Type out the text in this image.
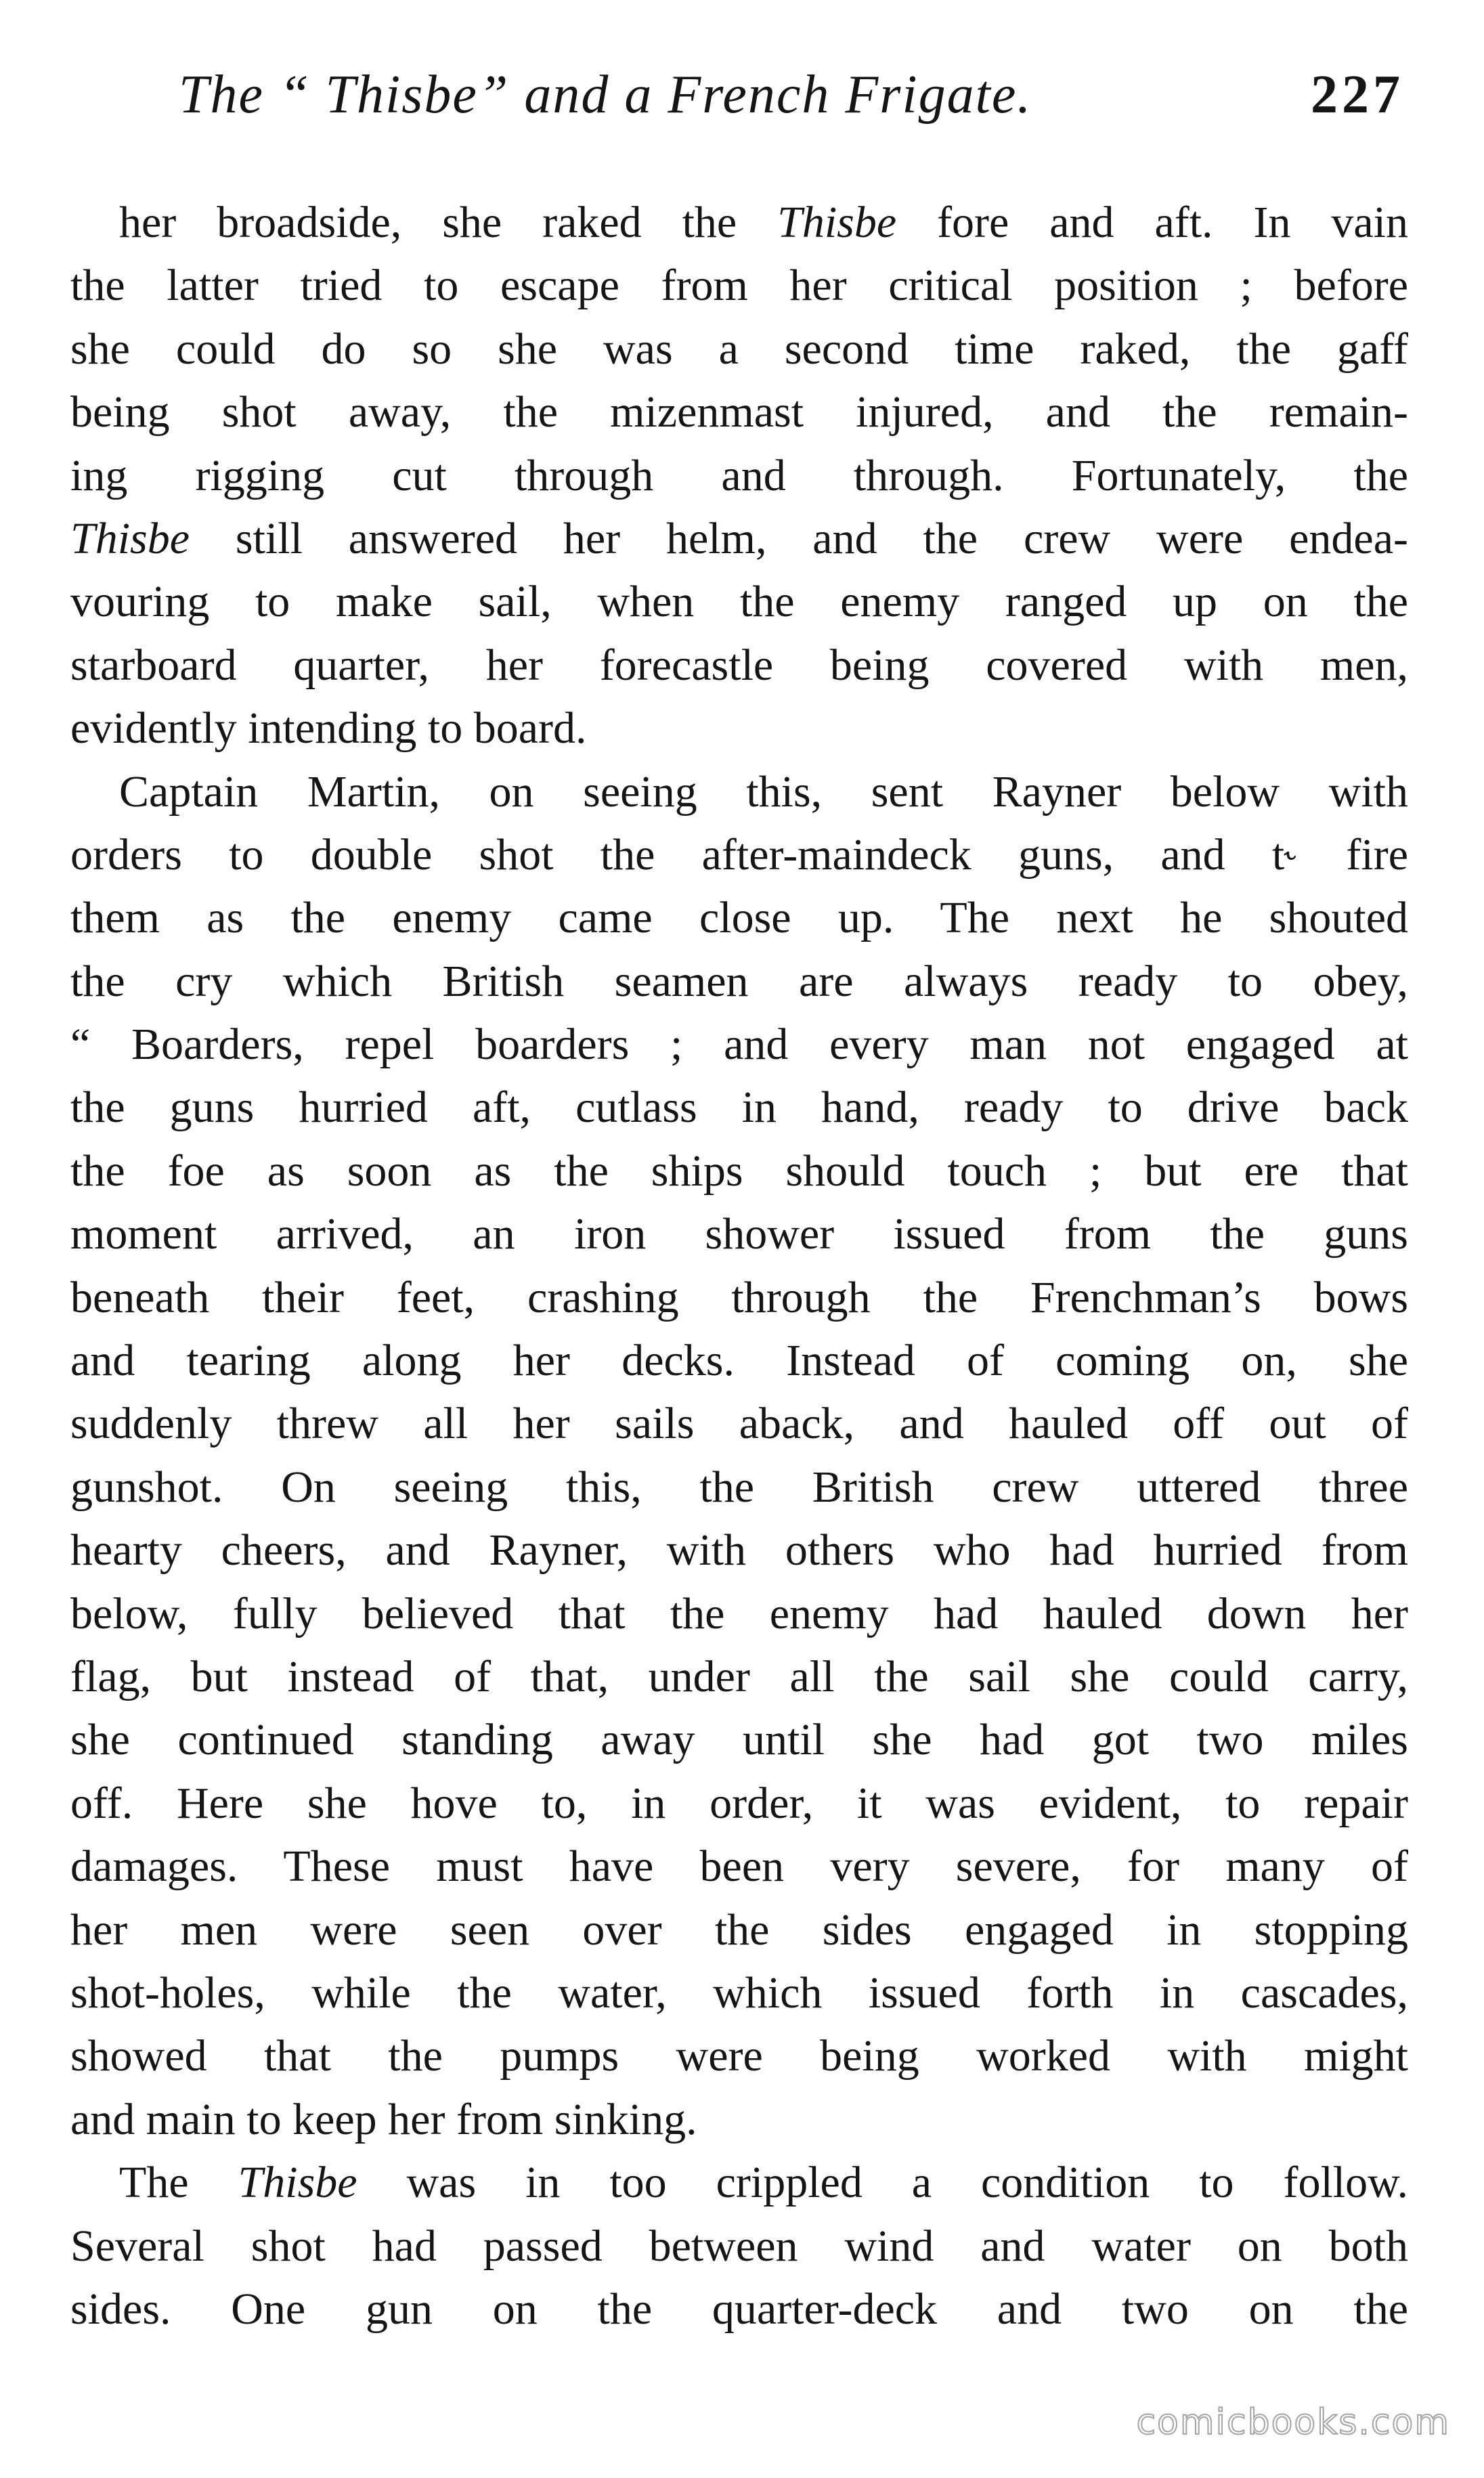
The “ Thisbe” and a French Frigate.	227
her broadside, she raked the Thisbe fore and aft. In vain
the latter tried to escape from her critical position ; before
she could do so she was a second time raked, the gaff
being shot away, the mizenmast injured, and the remain-
ing rigging cut through and through. Fortunately, the
Thisbe still answered her helm, and the crew were endea-
vouring to make sail, when the enemy ranged up on the
starboard quarter, her forecastle being covered with men,
evidently intending to board.
Captain Martin, on seeing this, sent Rayner below with
orders to double shot the after-maindeck guns, and t˞ fire
them as the enemy came close up. The next he shouted
the cry which British seamen are always ready to obey,
“ Boarders, repel boarders ; and every man not engaged at
the guns hurried aft, cutlass in hand, ready to drive back
the foe as soon as the ships should touch ; but ere that
moment arrived, an iron shower issued from the guns
beneath their feet, crashing through the Frenchman’s bows
and tearing along her decks. Instead of coming on, she
suddenly threw all her sails aback, and hauled off out of
gunshot. On seeing this, the British crew uttered three
hearty cheers, and Rayner, with others who had hurried from
below, fully believed that the enemy had hauled down her
flag, but instead of that, under all the sail she could carry,
she continued standing away until she had got two miles
off. Here she hove to, in order, it was evident, to repair
damages. These must have been very severe, for many of
her men were seen over the sides engaged in stopping
shot-holes, while the water, which issued forth in cascades,
showed that the pumps were being worked with might
and main to keep her from sinking.
The Thisbe was in too crippled a condition to follow.
Several shot had passed between wind and water on both
sides. One gun on the quarter-deck and two on the
comicbooks.com
